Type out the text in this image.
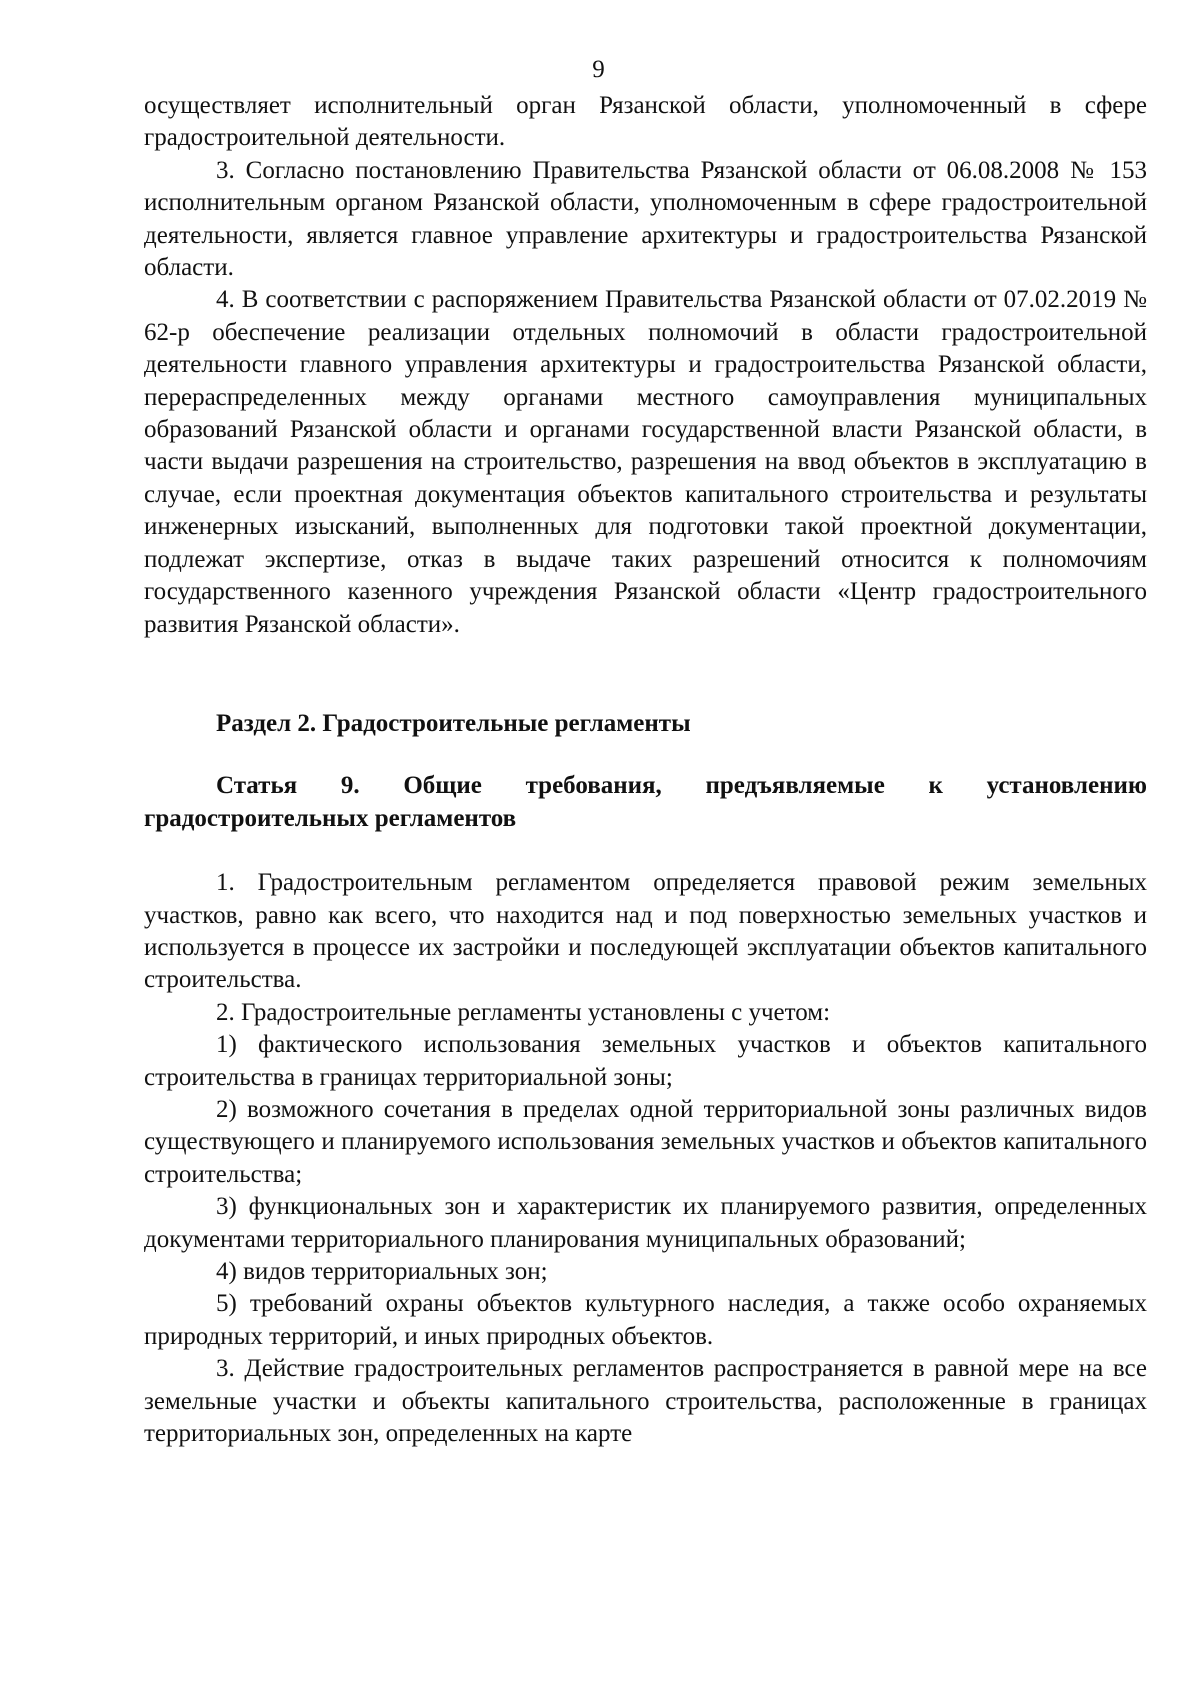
9

осуществляет исполнительный орган Рязанской области, уполномоченный в сфере градостроительной деятельности.

3. Согласно постановлению Правительства Рязанской области от 06.08.2008 № 153 исполнительным органом Рязанской области, уполномоченным в сфере градостроительной деятельности, является главное управление архитектуры и градостроительства Рязанской области.

4. В соответствии с распоряжением Правительства Рязанской области от 07.02.2019 № 62-р обеспечение реализации отдельных полномочий в области градостроительной деятельности главного управления архитектуры и градостроительства Рязанской области, перераспределенных между органами местного самоуправления муниципальных образований Рязанской области и органами государственной власти Рязанской области, в части выдачи разрешения на строительство, разрешения на ввод объектов в эксплуатацию в случае, если проектная документация объектов капитального строительства и результаты инженерных изысканий, выполненных для подготовки такой проектной документации, подлежат экспертизе, отказ в выдаче таких разрешений относится к полномочиям государственного казенного учреждения Рязанской области «Центр градостроительного развития Рязанской области».

Раздел 2. Градостроительные регламенты

Статья 9. Общие требования, предъявляемые к установлению градостроительных регламентов

1. Градостроительным регламентом определяется правовой режим земельных участков, равно как всего, что находится над и под поверхностью земельных участков и используется в процессе их застройки и последующей эксплуатации объектов капитального строительства.

2. Градостроительные регламенты установлены с учетом:

1) фактического использования земельных участков и объектов капитального строительства в границах территориальной зоны;

2) возможного сочетания в пределах одной территориальной зоны различных видов существующего и планируемого использования земельных участков и объектов капитального строительства;

3) функциональных зон и характеристик их планируемого развития, определенных документами территориального планирования муниципальных образований;

4) видов территориальных зон;

5) требований охраны объектов культурного наследия, а также особо охраняемых природных территорий, и иных природных объектов.

3. Действие градостроительных регламентов распространяется в равной мере на все земельные участки и объекты капитального строительства, расположенные в границах территориальных зон, определенных на карте
